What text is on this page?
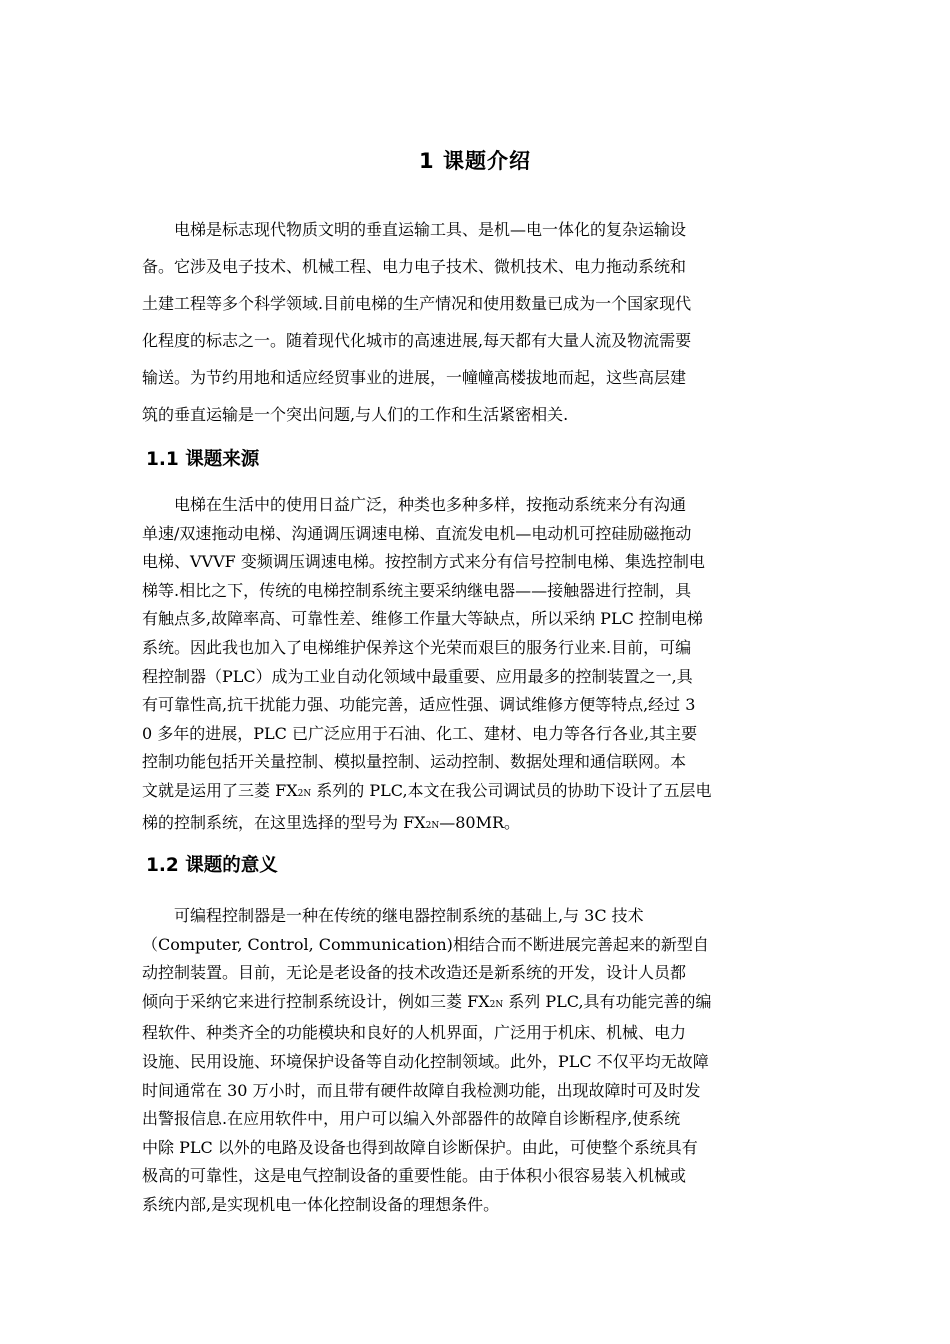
1 课题介绍

　　电梯是标志现代物质文明的垂直运输工具、是机—电一体化的复杂运输设
备。它涉及电子技术、机械工程、电力电子技术、微机技术、电力拖动系统和
土建工程等多个科学领域.目前电梯的生产情况和使用数量已成为一个国家现代
化程度的标志之一。随着现代化城市的高速进展,每天都有大量人流及物流需要
输送。为节约用地和适应经贸事业的进展，一幢幢高楼拔地而起，这些高层建
筑的垂直运输是一个突出问题,与人们的工作和生活紧密相关.

1.1 课题来源

　　电梯在生活中的使用日益广泛，种类也多种多样，按拖动系统来分有沟通
单速/双速拖动电梯、沟通调压调速电梯、直流发电机—电动机可控硅励磁拖动
电梯、VVVF 变频调压调速电梯。按控制方式来分有信号控制电梯、集选控制电
梯等.相比之下，传统的电梯控制系统主要采纳继电器——接触器进行控制，具
有触点多,故障率高、可靠性差、维修工作量大等缺点，所以采纳 PLC 控制电梯
系统。因此我也加入了电梯维护保养这个光荣而艰巨的服务行业来.目前，可编
程控制器（PLC）成为工业自动化领域中最重要、应用最多的控制装置之一,具
有可靠性高,抗干扰能力强、功能完善，适应性强、调试维修方便等特点,经过 3
0 多年的进展，PLC 已广泛应用于石油、化工、建材、电力等各行各业,其主要
控制功能包括开关量控制、模拟量控制、运动控制、数据处理和通信联网。本
文就是运用了三菱 FX2N 系列的 PLC,本文在我公司调试员的协助下设计了五层电
梯的控制系统，在这里选择的型号为 FX2N—80MR。

1.2 课题的意义

　　可编程控制器是一种在传统的继电器控制系统的基础上,与 3C 技术
（Computer, Control, Communication)相结合而不断进展完善起来的新型自
动控制装置。目前，无论是老设备的技术改造还是新系统的开发，设计人员都
倾向于采纳它来进行控制系统设计，例如三菱 FX2N 系列 PLC,具有功能完善的编
程软件、种类齐全的功能模块和良好的人机界面，广泛用于机床、机械、电力
设施、民用设施、环境保护设备等自动化控制领域。此外，PLC 不仅平均无故障
时间通常在 30 万小时，而且带有硬件故障自我检测功能，出现故障时可及时发
出警报信息.在应用软件中，用户可以编入外部器件的故障自诊断程序,使系统
中除 PLC 以外的电路及设备也得到故障自诊断保护。由此，可使整个系统具有
极高的可靠性，这是电气控制设备的重要性能。由于体积小很容易装入机械或
系统内部,是实现机电一体化控制设备的理想条件。
